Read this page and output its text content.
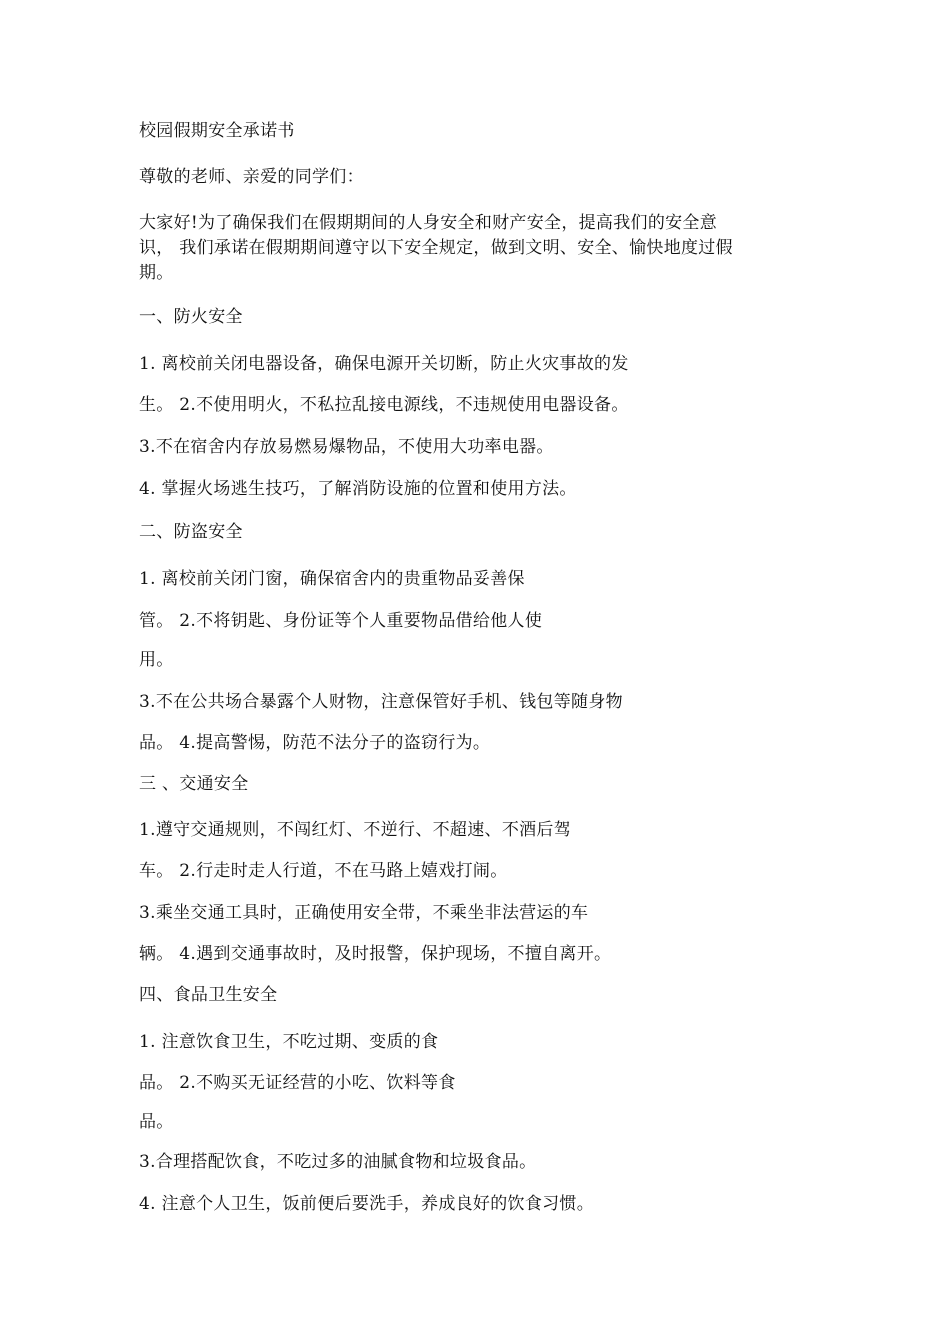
校园假期安全承诺书
尊敬的老师、亲爱的同学们：
大家好!为了确保我们在假期期间的人身安全和财产安全，提高我们的安全意
识， 我们承诺在假期期间遵守以下安全规定，做到文明、安全、愉快地度过假
期。
一、防火安全
1. 离校前关闭电器设备，确保电源开关切断，防止火灾事故的发
生。 2.不使用明火，不私拉乱接电源线，不违规使用电器设备。
3.不在宿舍内存放易燃易爆物品，不使用大功率电器。
4. 掌握火场逃生技巧，了解消防设施的位置和使用方法。
二、防盗安全
1. 离校前关闭门窗，确保宿舍内的贵重物品妥善保
管。 2.不将钥匙、身份证等个人重要物品借给他人使
用。
3.不在公共场合暴露个人财物，注意保管好手机、钱包等随身物
品。 4.提高警惕，防范不法分子的盗窃行为。
三 、交通安全
1.遵守交通规则，不闯红灯、不逆行、不超速、不酒后驾
车。 2.行走时走人行道，不在马路上嬉戏打闹。
3.乘坐交通工具时，正确使用安全带，不乘坐非法营运的车
辆。 4.遇到交通事故时，及时报警，保护现场，不擅自离开。
四、食品卫生安全
1. 注意饮食卫生，不吃过期、变质的食
品。 2.不购买无证经营的小吃、饮料等食
品。
3.合理搭配饮食，不吃过多的油腻食物和垃圾食品。
4. 注意个人卫生，饭前便后要洗手，养成良好的饮食习惯。
